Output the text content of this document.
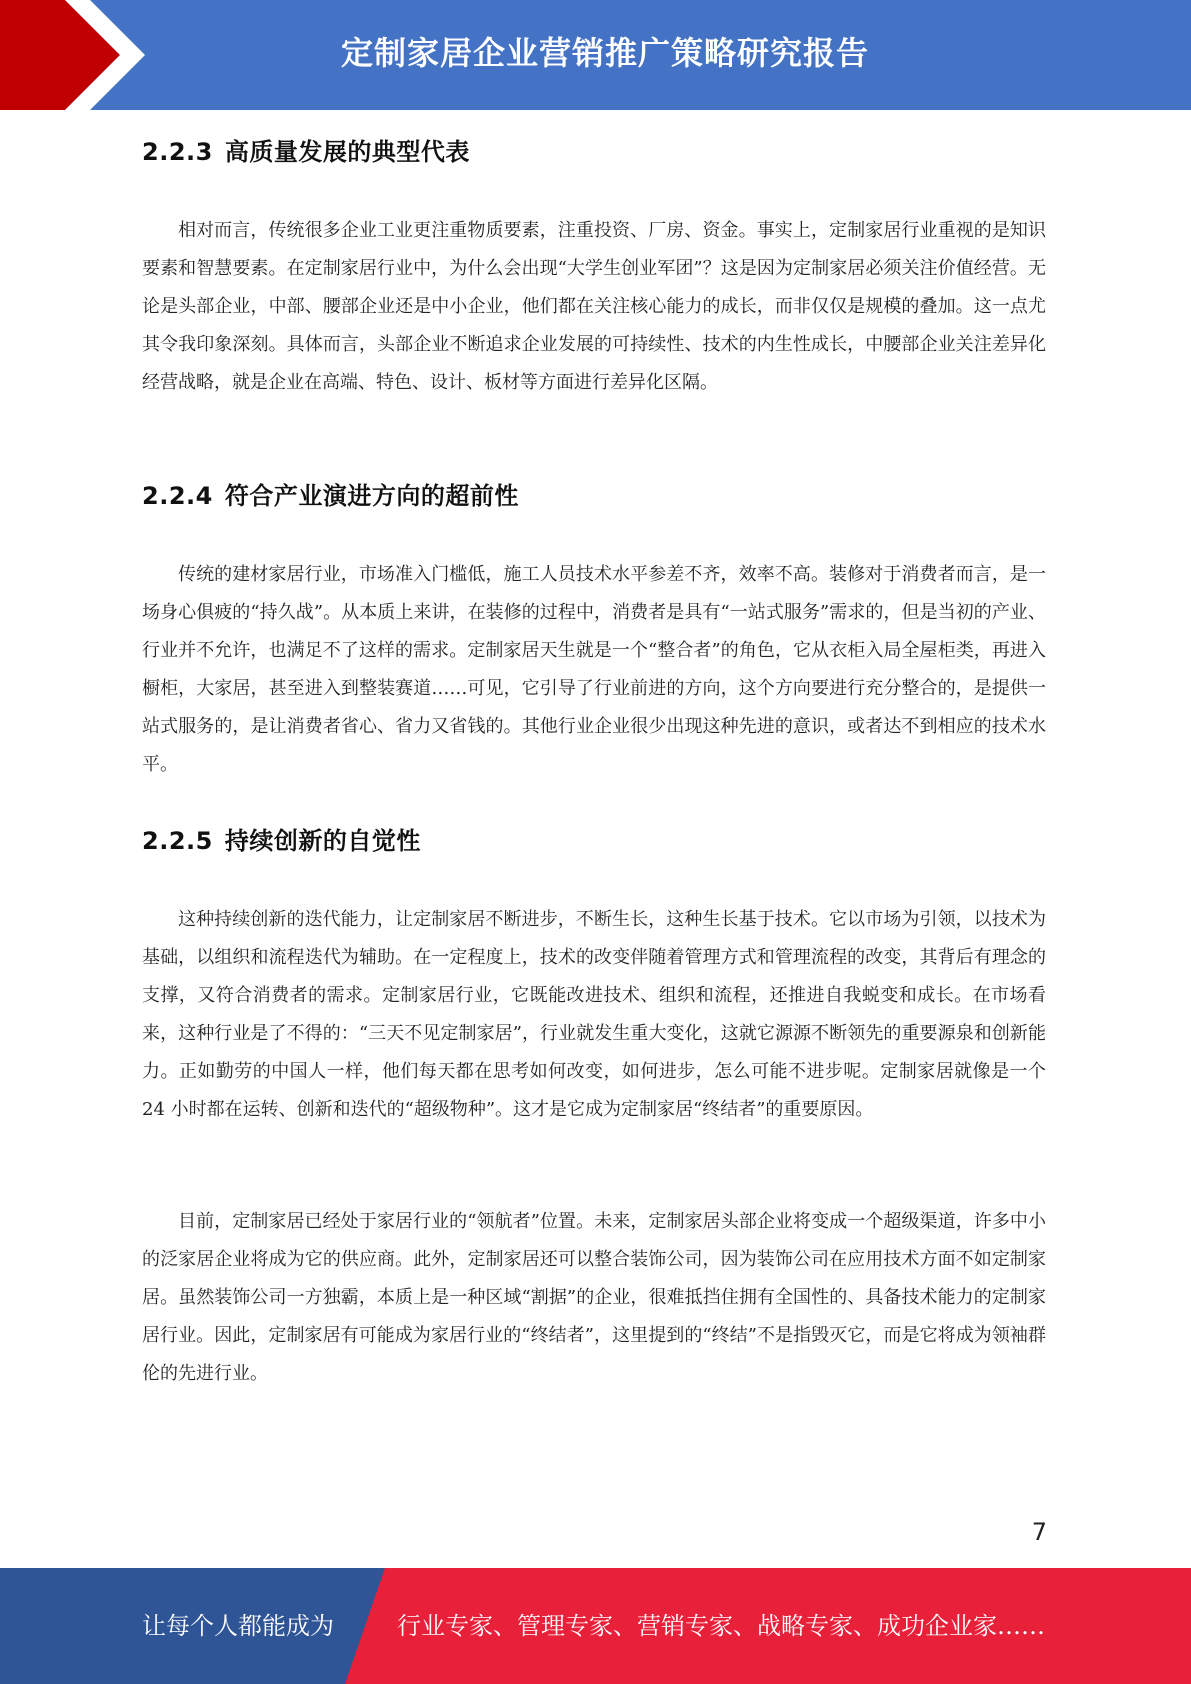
定制家居企业营销推广策略研究报告
2.2.3 高质量发展的典型代表

相对而言，传统很多企业工业更注重物质要素，注重投资、厂房、资金。事实上，定制家居行业重视的是知识要素和智慧要素。在定制家居行业中，为什么会出现“大学生创业军团”？这是因为定制家居必须关注价值经营。无论是头部企业，中部、腰部企业还是中小企业，他们都在关注核心能力的成长，而非仅仅是规模的叠加。这一点尤其令我印象深刻。具体而言，头部企业不断追求企业发展的可持续性、技术的内生性成长，中腰部企业关注差异化经营战略，就是企业在高端、特色、设计、板材等方面进行差异化区隔。

2.2.4 符合产业演进方向的超前性

传统的建材家居行业，市场准入门槛低，施工人员技术水平参差不齐，效率不高。装修对于消费者而言，是一场身心俱疲的“持久战”。从本质上来讲，在装修的过程中，消费者是具有“一站式服务”需求的，但是当初的产业、行业并不允许，也满足不了这样的需求。定制家居天生就是一个“整合者”的角色，它从衣柜入局全屋柜类，再进入橱柜，大家居，甚至进入到整装赛道……可见，它引导了行业前进的方向，这个方向要进行充分整合的，是提供一站式服务的，是让消费者省心、省力又省钱的。其他行业企业很少出现这种先进的意识，或者达不到相应的技术水平。

2.2.5 持续创新的自觉性

这种持续创新的迭代能力，让定制家居不断进步，不断生长，这种生长基于技术。它以市场为引领，以技术为基础，以组织和流程迭代为辅助。在一定程度上，技术的改变伴随着管理方式和管理流程的改变，其背后有理念的支撑，又符合消费者的需求。定制家居行业，它既能改进技术、组织和流程，还推进自我蜕变和成长。在市场看来，这种行业是了不得的：“三天不见定制家居”，行业就发生重大变化，这就它源源不断领先的重要源泉和创新能力。正如勤劳的中国人一样，他们每天都在思考如何改变，如何进步，怎么可能不进步呢。定制家居就像是一个 24 小时都在运转、创新和迭代的“超级物种”。这才是它成为定制家居“终结者”的重要原因。

目前，定制家居已经处于家居行业的“领航者”位置。未来，定制家居头部企业将变成一个超级渠道，许多中小的泛家居企业将成为它的供应商。此外，定制家居还可以整合装饰公司，因为装饰公司在应用技术方面不如定制家居。虽然装饰公司一方独霸，本质上是一种区域“割据”的企业，很难抵挡住拥有全国性的、具备技术能力的定制家居行业。因此，定制家居有可能成为家居行业的“终结者”，这里提到的“终结”不是指毁灭它，而是它将成为领袖群伦的先进行业。

7
让每个人都能成为	行业专家、管理专家、营销专家、战略专家、成功企业家……
